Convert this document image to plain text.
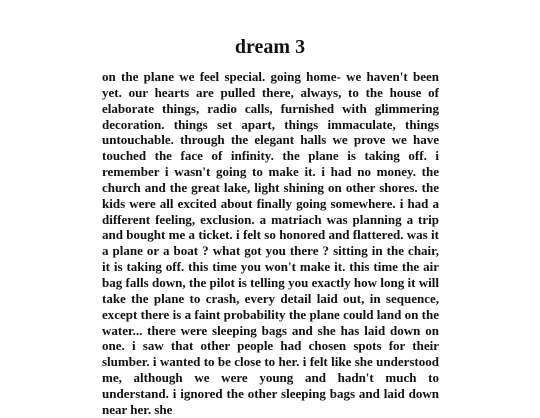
dream 3

on the plane we feel special. going home- we haven't been yet. our hearts are pulled there, always, to the house of elaborate things, radio calls, furnished with glimmering decoration. things set apart, things immaculate, things untouchable. through the elegant halls we prove we have touched the face of infinity. the plane is taking off. i remember i wasn't going to make it. i had no money. the church and the great lake, light shining on other shores. the kids were all excited about finally going somewhere. i had a different feeling, exclusion. a matriach was planning a trip and bought me a ticket. i felt so honored and flattered. was it a plane or a boat ? what got you there ? sitting in the chair, it is taking off. this time you won't make it. this time the air bag falls down, the pilot is telling you exactly how long it will take the plane to crash, every detail laid out, in sequence, except there is a faint probability the plane could land on the water... there were sleeping bags and she has laid down on one. i saw that other people had chosen spots for their slumber. i wanted to be close to her. i felt like she understood me, although we were young and hadn't much to understand. i ignored the other sleeping bags and laid down near her. she
